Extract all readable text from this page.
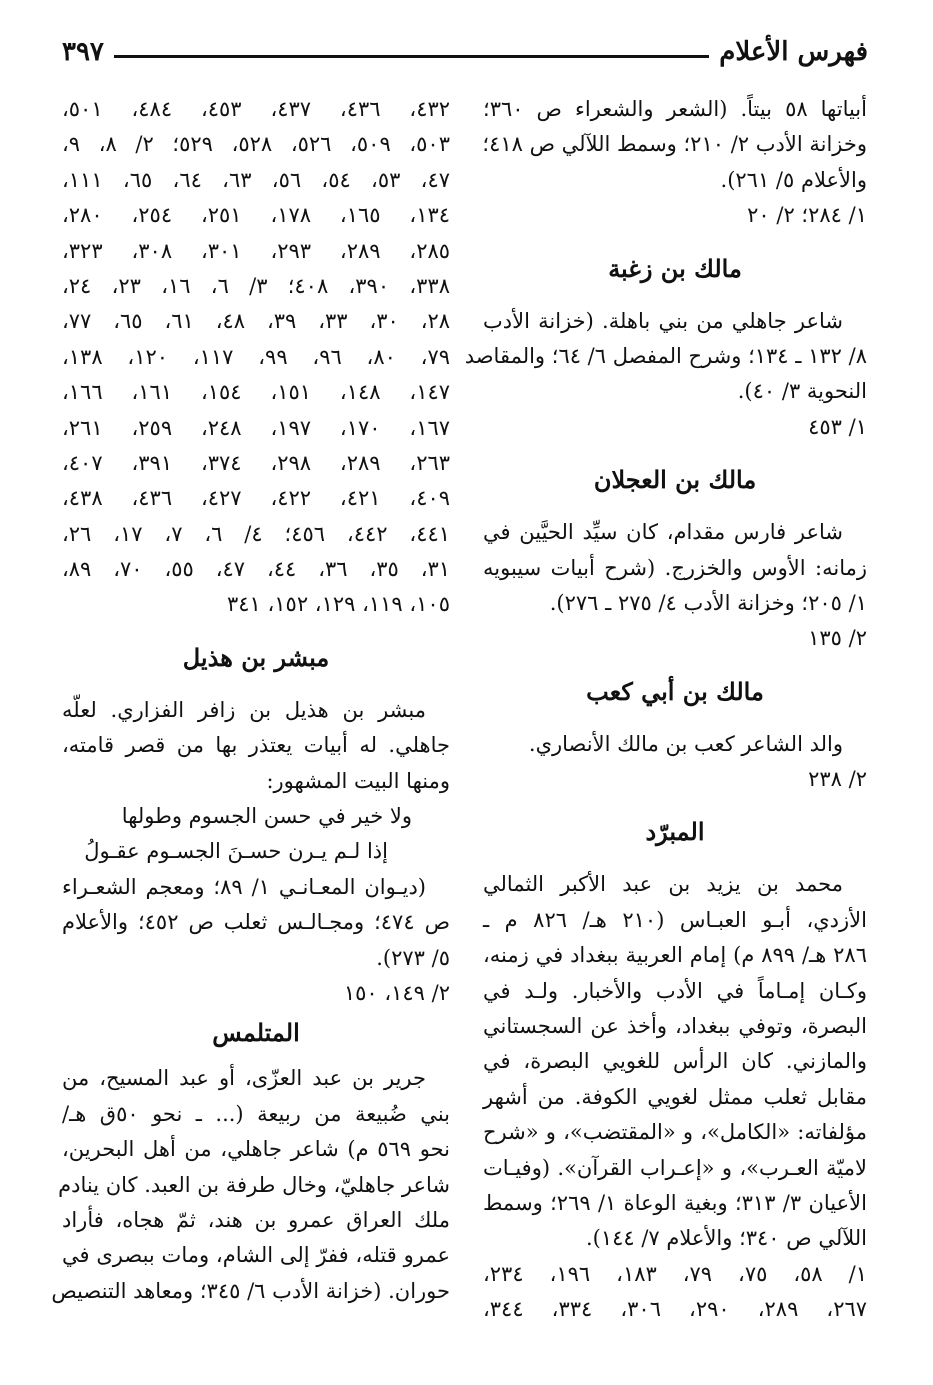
فهرس الأعلام
٣٩٧
أبياتها ٥٨ بيتاً. (الشعر والشعراء ص ٣٦٠؛
وخزانة الأدب ٢/ ٢١٠؛ وسمط اللآلي ص ٤١٨؛
والأعلام ٥/ ٢٦١).
١/ ٢٨٤؛ ٢/ ٢٠
مالك بن زغبة
شاعر جاهلي من بني باهلة. (خزانة الأدب
٨/ ١٣٢ ـ ١٣٤؛ وشرح المفصل ٦/ ٦٤؛ والمقاصد
النحوية ٣/ ٤٠).
١/ ٤٥٣
مالك بن العجلان
شاعر فارس مقدام، كان سيِّد الحيَّين في
زمانه: الأوس والخزرج. (شرح أبيات سيبويه
١/ ٢٠٥؛ وخزانة الأدب ٤/ ٢٧٥ ـ ٢٧٦).
٢/ ١٣٥
مالك بن أبي كعب
والد الشاعر كعب بن مالك الأنصاري.
٢/ ٢٣٨
المبرّد
محمد بن يزيد بن عبد الأكبر الثمالي
الأزدي، أبـو العبـاس (٢١٠ هـ/ ٨٢٦ م ـ
٢٨٦ هـ/ ٨٩٩ م) إمام العربية ببغداد في زمنه،
وكـان إمـاماً في الأدب والأخبار. ولـد في
البصرة، وتوفي ببغداد، وأخذ عن السجستاني
والمازني. كان الرأس للغويي البصرة، في
مقابل ثعلب ممثل لغويي الكوفة. من أشهر
مؤلفاته: «الكامل»، و «المقتضب»، و «شرح
لاميّة العـرب»، و «إعـراب القرآن». (وفيـات
الأعيان ٣/ ٣١٣؛ وبغية الوعاة ١/ ٢٦٩؛ وسمط
اللآلي ص ٣٤٠؛ والأعلام ٧/ ١٤٤).
١/ ٥٨، ٧٥، ٧٩، ١٨٣، ١٩٦، ٢٣٤،
٢٦٧، ٢٨٩، ٢٩٠، ٣٠٦، ٣٣٤، ٣٤٤،
٤٣٢، ٤٣٦، ٤٣٧، ٤٥٣، ٤٨٤، ٥٠١،
٥٠٣، ٥٠٩، ٥٢٦، ٥٢٨، ٥٢٩؛ ٢/ ٨، ٩،
٤٧، ٥٣، ٥٤، ٥٦، ٦٣، ٦٤، ٦٥، ١١١،
١٣٤، ١٦٥، ١٧٨، ٢٥١، ٢٥٤، ٢٨٠،
٢٨٥، ٢٨٩، ٢٩٣، ٣٠١، ٣٠٨، ٣٢٣،
٣٣٨، ٣٩٠، ٤٠٨؛ ٣/ ٦، ١٦، ٢٣، ٢٤،
٢٨، ٣٠، ٣٣، ٣٩، ٤٨، ٦١، ٦٥، ٧٧،
٧٩، ٨٠، ٩٦، ٩٩، ١١٧، ١٢٠، ١٣٨،
١٤٧، ١٤٨، ١٥١، ١٥٤، ١٦١، ١٦٦،
١٦٧، ١٧٠، ١٩٧، ٢٤٨، ٢٥٩، ٢٦١،
٢٦٣، ٢٨٩، ٢٩٨، ٣٧٤، ٣٩١، ٤٠٧،
٤٠٩، ٤٢١، ٤٢٢، ٤٢٧، ٤٣٦، ٤٣٨،
٤٤١، ٤٤٢، ٤٥٦؛ ٤/ ٦، ٧، ١٧، ٢٦،
٣١، ٣٥، ٣٦، ٤٤، ٤٧، ٥٥، ٧٠، ٨٩،
١٠٥، ١١٩، ١٢٩، ١٥٢، ٣٤١
مبشر بن هذيل
مبشر بن هذيل بن زافر الفزاري. لعلّه
جاهلي. له أبيات يعتذر بها من قصر قامته،
ومنها البيت المشهور:
ولا خير في حسن الجسوم وطولها
إذا لـم يـرن حسـنَ الجسـوم عقـولُ
(ديـوان المعـانـي ١/ ٨٩؛ ومعجم الشعـراء
ص ٤٧٤؛ ومجـالـس ثعلب ص ٤٥٢؛ والأعلام
٥/ ٢٧٣).
٢/ ١٤٩، ١٥٠
المتلمس
جرير بن عبد العزّى، أو عبد المسيح، من
بني ضُبيعة من ربيعة (... ـ نحو ٥٠ق هـ/
نحو ٥٦٩ م) شاعر جاهلي، من أهل البحرين،
شاعر جاهليّ، وخال طرفة بن العبد. كان ينادم
ملك العراق عمرو بن هند، ثمّ هجاه، فأراد
عمرو قتله، ففرّ إلى الشام، ومات ببصرى في
حوران. (خزانة الأدب ٦/ ٣٤٥؛ ومعاهد التنصيص
